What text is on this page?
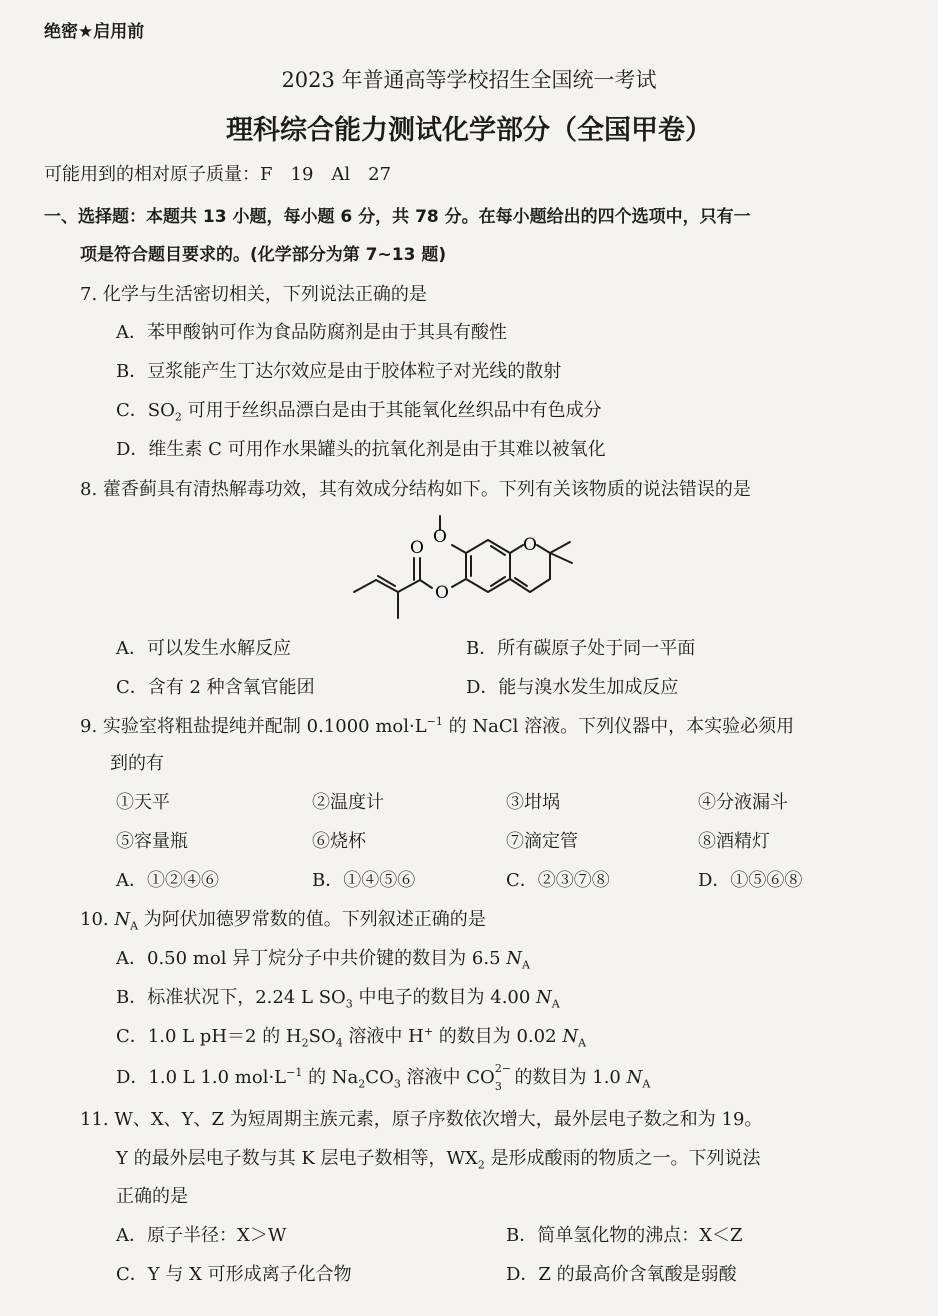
绝密★启用前
2023 年普通高等学校招生全国统一考试
理科综合能力测试化学部分（全国甲卷）
可能用到的相对原子质量：F　19　Al　27
一、选择题：本题共 13 小题，每小题 6 分，共 78 分。在每小题给出的四个选项中，只有一
项是符合题目要求的。(化学部分为第 7~13 题)
7. 化学与生活密切相关，下列说法正确的是
A．苯甲酸钠可作为食品防腐剂是由于其具有酸性
B．豆浆能产生丁达尔效应是由于胶体粒子对光线的散射
C．$SO_2$ 可用于丝织品漂白是由于其能氧化丝织品中有色成分
D．维生素 C 可用作水果罐头的抗氧化剂是由于其难以被氧化
8. 藿香蓟具有清热解毒功效，其有效成分结构如下。下列有关该物质的说法错误的是
O	O
O
O
A．可以发生水解反应	B．所有碳原子处于同一平面
C．含有 2 种含氧官能团	D．能与溴水发生加成反应
9. 实验室将粗盐提纯并配制 0.1000 $mol\cdot L^{-1}$ 的 NaCl 溶液。下列仪器中，本实验必须用
到的有
①天平	②温度计	③坩埚	④分液漏斗
⑤容量瓶	⑥烧杯	⑦滴定管	⑧酒精灯
A．①②④⑥	B．①④⑤⑥	C．②③⑦⑧	D．①⑤⑥⑧
10. $N_A$ 为阿伏加德罗常数的值。下列叙述正确的是
A．0.50 mol 异丁烷分子中共价键的数目为 6.5 $N_A$
B．标准状况下，2.24 L $SO_3$ 中电子的数目为 4.00 $N_A$
C．1.0 L pH＝2 的 $H_2SO_4$ 溶液中 H+ 的数目为 0.02 $N_A$
D．1.0 L 1.0 $mol\cdot L^{-1}$ 的 $Na_2CO_3$ 溶液中 CO 2−
3 的数目为 1.0 $N_A$
11. W、X、Y、Z 为短周期主族元素，原子序数依次增大，最外层电子数之和为 19。
Y 的最外层电子数与其 K 层电子数相等，$WX_2$ 是形成酸雨的物质之一。下列说法
正确的是
A．原子半径：X＞W	B．简单氢化物的沸点：X＜Z
C．Y 与 X 可形成离子化合物	D．Z 的最高价含氧酸是弱酸
